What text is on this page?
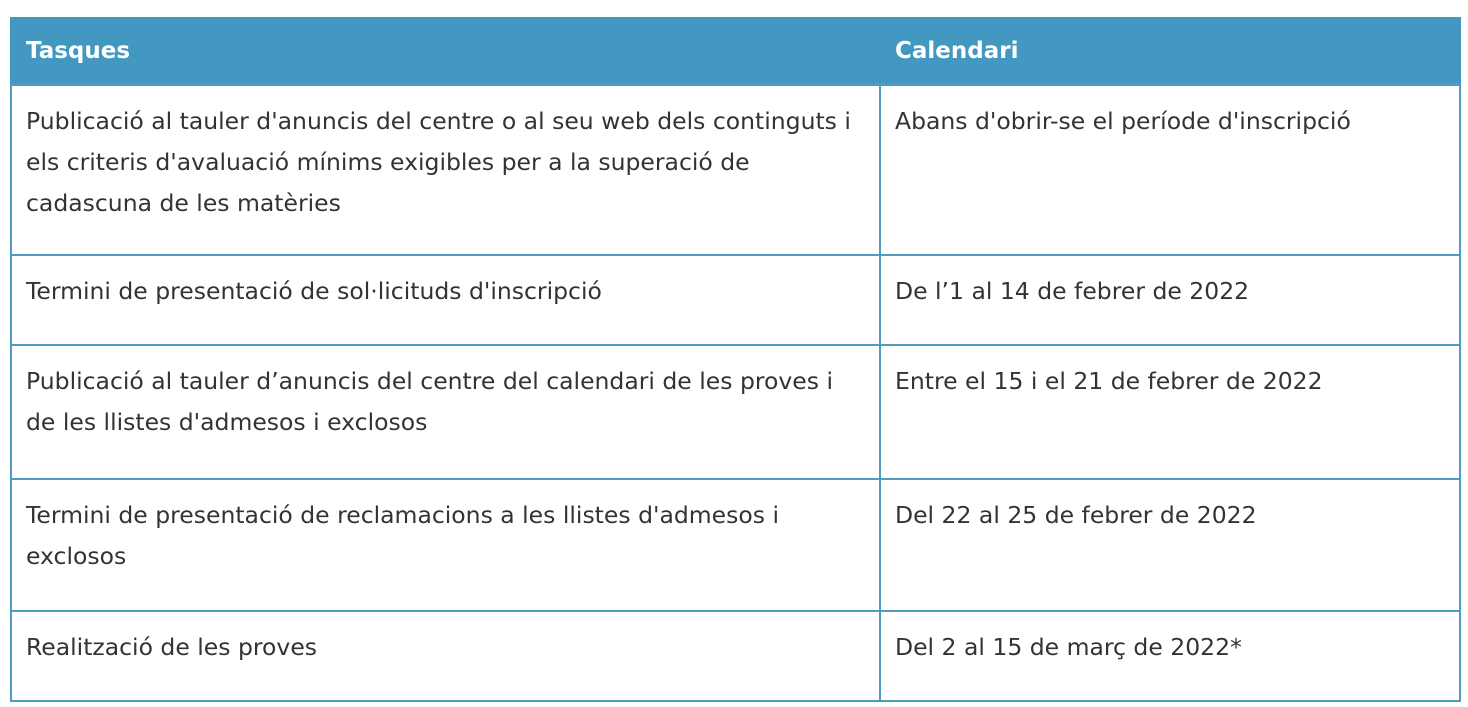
Tasques	Calendari
Publicació al tauler d'anuncis del centre o al seu web dels continguts i els criteris d'avaluació mínims exigibles per a la superació de cadascuna de les matèries	Abans d'obrir-se el període d'inscripció
Termini de presentació de sol·licituds d'inscripció	De l’1 al 14 de febrer de 2022
Publicació al tauler d’anuncis del centre del calendari de les proves i de les llistes d'admesos i exclosos	Entre el 15 i el 21 de febrer de 2022
Termini de presentació de reclamacions a les llistes d'admesos i exclosos	Del 22 al 25 de febrer de 2022
Realització de les proves	Del 2 al 15 de març de 2022*
